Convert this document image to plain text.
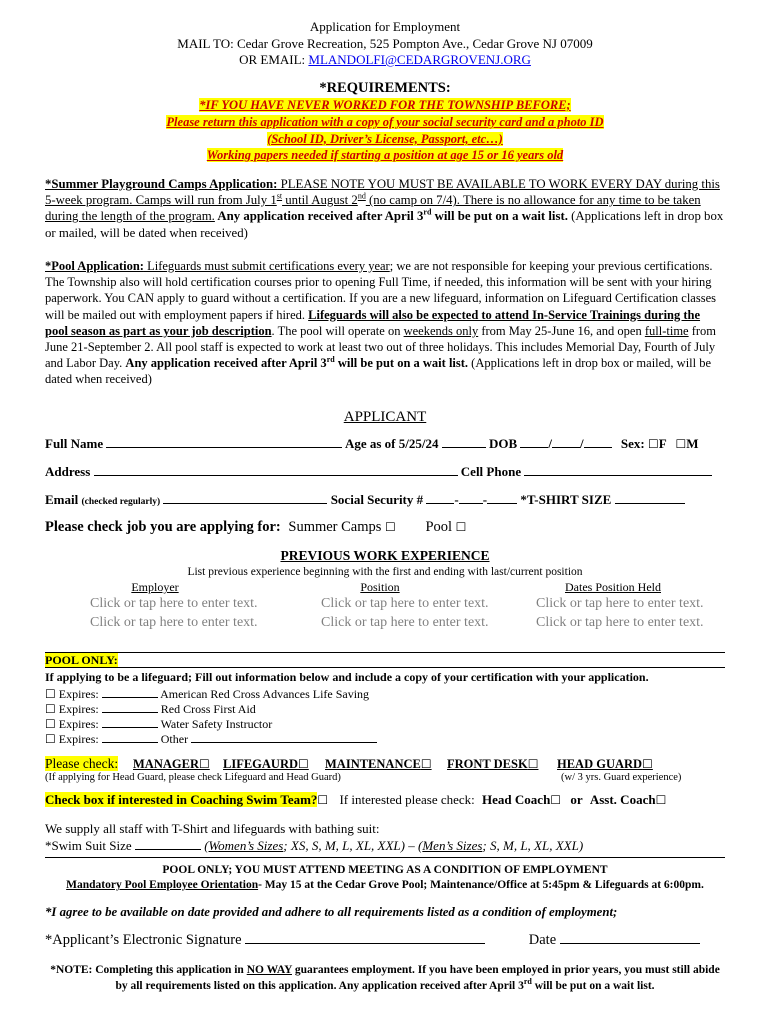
Application for Employment
MAIL TO: Cedar Grove Recreation, 525 Pompton Ave., Cedar Grove NJ 07009
OR EMAIL: MLANDOLFI@CEDARGROVENJ.ORG
*REQUIREMENTS:
*IF YOU HAVE NEVER WORKED FOR THE TOWNSHIP BEFORE;
Please return this application with a copy of your social security card and a photo ID
(School ID, Driver’s License, Passport, etc…)
Working papers needed if starting a position at age 15 or 16 years old
*Summer Playground Camps Application: PLEASE NOTE YOU MUST BE AVAILABLE TO WORK EVERY DAY during this 5-week program. Camps will run from July 1st until August 2nd (no camp on 7/4). There is no allowance for any time to be taken during the length of the program. Any application received after April 3rd will be put on a wait list. (Applications left in drop box or mailed, will be dated when received)
*Pool Application: Lifeguards must submit certifications every year; we are not responsible for keeping your previous certifications. The Township also will hold certification courses prior to opening Full Time, if needed, this information will be sent with your hiring paperwork. You CAN apply to guard without a certification. If you are a new lifeguard, information on Lifeguard Certification classes will be mailed out with employment papers if hired. Lifeguards will also be expected to attend In-Service Trainings during the pool season as part as your job description. The pool will operate on weekends only from May 25-June 16, and open full-time from June 21-September 2. All pool staff is expected to work at least two out of three holidays. This includes Memorial Day, Fourth of July and Labor Day. Any application received after April 3rd will be put on a wait list. (Applications left in drop box or mailed, will be dated when received)
APPLICANT
Full Name	Age as of 5/25/24	DOB / /	Sex: ☐F ☐M
Address	Cell Phone
Email (checked regularly)	Social Security # - -	*T-SHIRT SIZE
Please check job you are applying for: Summer Camps ☐ Pool ☐
PREVIOUS WORK EXPERIENCE
List previous experience beginning with the first and ending with last/current position
Employer	Position	Dates Position Held
Click or tap here to enter text.	Click or tap here to enter text.	Click or tap here to enter text.
Click or tap here to enter text.	Click or tap here to enter text.	Click or tap here to enter text.
POOL ONLY:
If applying to be a lifeguard; Fill out information below and include a copy of your certification with your application.
☐ Expires:	American Red Cross Advances Life Saving
☐ Expires:	Red Cross First Aid
☐ Expires:	Water Safety Instructor
☐ Expires:	Other
Please check: MANAGER☐ LIFEGAURD☐ MAINTENANCE☐ FRONT DESK☐ HEAD GUARD☐
(If applying for Head Guard, please check Lifeguard and Head Guard)	(w/ 3 yrs. Guard experience)
Check box if interested in Coaching Swim Team?☐ If interested please check: Head Coach☐ or Asst. Coach☐
We supply all staff with T-Shirt and lifeguards with bathing suit:
*Swim Suit Size	(Women’s Sizes; XS, S, M, L, XL, XXL) – (Men’s Sizes; S, M, L, XL, XXL)
POOL ONLY; YOU MUST ATTEND MEETING AS A CONDITION OF EMPLOYMENT
Mandatory Pool Employee Orientation- May 15 at the Cedar Grove Pool; Maintenance/Office at 5:45pm & Lifeguards at 6:00pm.
*I agree to be available on date provided and adhere to all requirements listed as a condition of employment;
*Applicant’s Electronic Signature	Date
*NOTE: Completing this application in NO WAY guarantees employment. If you have been employed in prior years, you must still abide by all requirements listed on this application. Any application received after April 3rd will be put on a wait list.
